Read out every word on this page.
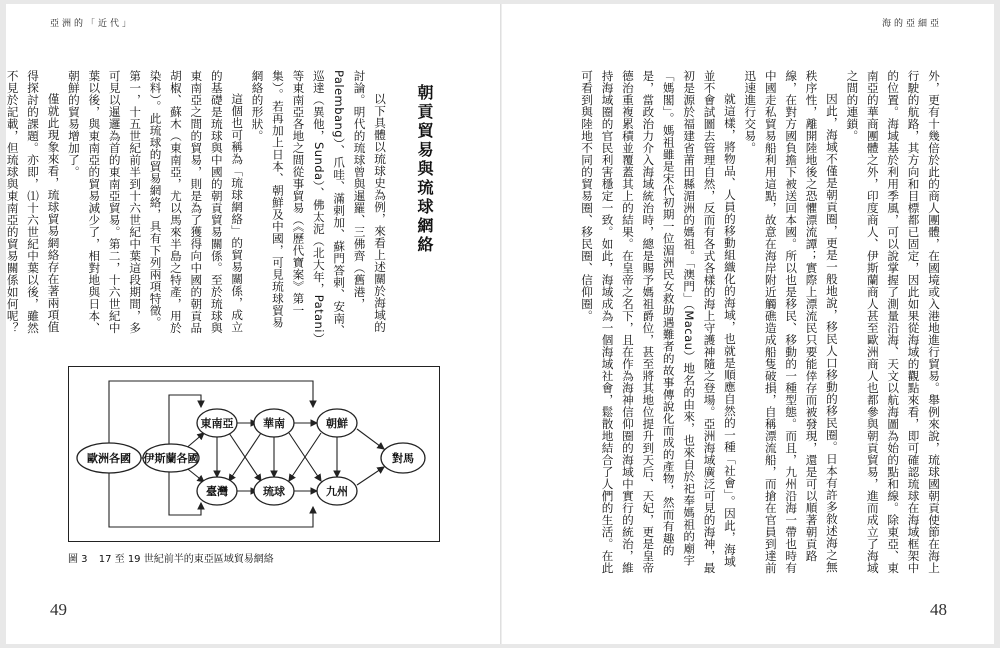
亞洲的「近代」
朝貢貿易與琉球網絡

以下具體以琉球史為例，來看上述關於海域的討論。明代的琉球曾與暹羅、三佛齊（舊港，Palembang）、爪哇、滿剌加、蘇門答剌、安南、巡達（異他，Sunda）、佛太泥（北大年，Patani）等東南亞各地之間從事貿易（《歷代寶案》第一集）。若再加上日本、朝鮮及中國，可見琉球貿易網絡的形狀。

這個也可稱為「琉球網絡」的貿易關係，成立的基礎是琉球與中國的朝貢貿易關係。至於琉球與東南亞之間的貿易，則是為了獲得向中國的朝貢品胡椒、蘇木（東南亞，尤以馬來半島之特產，用於染料）。此琉球的貿易網絡，具有下列兩項特徵。第一，十五世紀前半到十六世紀中葉這段期間，多可見以暹邏為首的東南亞貿易。第二，十六世紀中葉以後，與東南亞的貿易減少了，相對地與日本、朝鮮的貿易增加了。

僅就此現象來看，琉球貿易網絡存在著兩項值得探討的課題。亦即，⑴十六世紀中葉以後，雖然不見於記載，但琉球與東南亞的貿易關係如何呢？

歐洲各國 伊斯蘭各國
東南亞	華南	朝鮮
臺灣	琉球	九州
對馬
圖 3 17 至 19 世紀前半的東亞區域貿易網絡
49
海的亞細亞

外，更有十幾倍於此的商人團體，在國境或入港地進行貿易。舉例來說，琉球國朝貢使節在海上行駛的航路，其方向和目標都已固定，因此如果從海域的觀點來看，即可確認琉球在海域框架中的位置。海域基於利用季風，可以說掌握了測量沿海、天文以航海圖為始的點和線。除東亞、東南亞的華商團體之外，印度商人、伊斯蘭商人甚至歐洲商人也都參與朝貢貿易，進而成立了海域之間的連鎖。

因此，海域不僅是朝貢圈，更是一般地說，移民人口移動的移民圈。日本有許多敘述海之無秩序性，離開陸地後之恐懼漂流譚；實際上漂流民只要能倖存而被發現，還是可以順著朝貢路線，在對方國負擔下被送回本國。所以也是移民、移動的一種型態。而且，九州沿海一帶也時有中國走私貿易船利用這點，故意在海岸附近觸礁造成船隻破損，自稱漂流船，而搶在官員到達前迅速進行交易。

就這樣，將物品、人員的移動組織化的海域，也就是順應自然的一種「社會」。因此，海域並不會試圖去管理自然，反而有各式各樣的海上守護神隨之登場。亞洲海域廣泛可見的海神，最初是源於福建省莆田縣湄洲的媽祖。「澳門」（Macau）地名的由來，也來自於祀奉媽祖的廟宇「媽閣」。媽祖雖是宋代初期一位湄洲民女救助遇難者的故事傳說化而成的產物，然而有趣的是，當政治力介入海域統治時，總是賜予媽祖爵位，甚至將其地位提升到天后、天妃，更是皇帝德治重複累積並覆蓋其上的結果。在皇帝之名下，且在作為海神信仰圈的海域中實行的統治，維持海域圈的官民利害穩定一致。如此，海域成為一個海域社會，鬆散地結合了人們的生活。在此可看到與陸地不同的貿易圈、移民圈、信仰圈。

48
